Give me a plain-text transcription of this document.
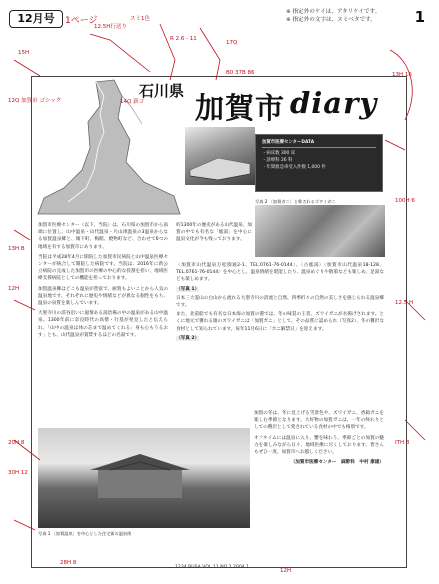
12月号	1ページ
※ 指定外のケイは、アタリケイです。
※ 指定外の文字は、スミベタです。	1
石川県 加賀市 diary
加賀市医療センターDATA
・病床数 300 床
・診療科 26 科
・年間救急車受入件数 1,000 件
写真 2 〔加賀ガニ〕と称されるズワイガニ

加賀市医療センター（以下、当院）は、石川県の加賀市から南端に位置し、山中温泉・山代温泉・片山津温泉の3温泉からなる加賀温泉郷と、城下町、梅館、焼物町など、合わせて6つの地域を有する加賀市にあります。

当院は平成28年4月に開院した加賀市民病院と山中温泉医療センターが統合して開院した病院です。当院は、2016年に新公立病院の完成した加賀市の医療の中心的な役割を担い、地域医療支援病院としての機能を担っております。

加賀温泉郷はどこも温泉が豊富で、耐賀もよいことから人気の温泉地です。それぞれに歴史や情緒などが異なる個性をもち、温泉の泉質を楽しんでいます。

大聖寺川の渓谷沿いに風情ある湯治場の中の温泉がある山中温泉。1300年前に奈良時代の高僧・行基が発見したと伝えられ、「山中の温泉は体の芯まで温めてくれる」身も心もうるおす」とも、山代温泉が賞賛するほどの名湯です。

約1300年の歴史がある山代温泉、加賀の中でも有名な「総湯」を中心に温泉文化が今も残っております。

〈加賀市山代温泉万松園通2-1、TEL.0761-76-0144〉、〈古総湯〉〈加賀市山代温泉18-128、TEL.0761-76-0144〉を中心とし、温泉情緒を堪能したり、温泉めぐりや散策なども楽しめ、足湯なども楽しめます。

（写真 1）

日本三大霊山の白山から流れる大聖寺川の清流と自然、四季折々の自然の美しさを感じられる温泉郷です。

また、北前船でも有名な日本海の加賀の港では、冬の味覚の王者、ズワイガニが水揚げされます。とくに地元で獲れる雄のズワイガニは「加賀ガニ」として、その品質に認められ（写真2）、冬の贅沢な食材として知られています。毎年11月6日に「カニ解禁日」を迎えます。

（写真 2）

加賀の冬は、冬に見上げる雪景色や、ズワイガニ、香箱ガニを楽しむ季節となります。大好物の加賀ガニは、一年の終わりとしての贅沢として愛されている食材の中でも格別です。

オフタイムには温泉に入り、蟹を味わう、季節ごとの加賀の魅力を楽しみながら日々、地域医療に尽くしております。皆さんもぜひ一度、加賀市へお越しください。

（加賀市医療センター　麻酔科　中村 康雄）

写真 1 〔加賀温泉〕を中心とした住宅街の温泉街
1234 BUSA VOL.11 NO.1 2004.1
12.5H行送り
スミ1色
R 2.6 - 11
17Q
15H
12Q 加賀市 ゴシック
B0 37B 86
14Q 新ゴ
13H 16
13H B
12H
100H 6
12.5 H
20H 8
30H 12
28H 8
12H
ITH 8
